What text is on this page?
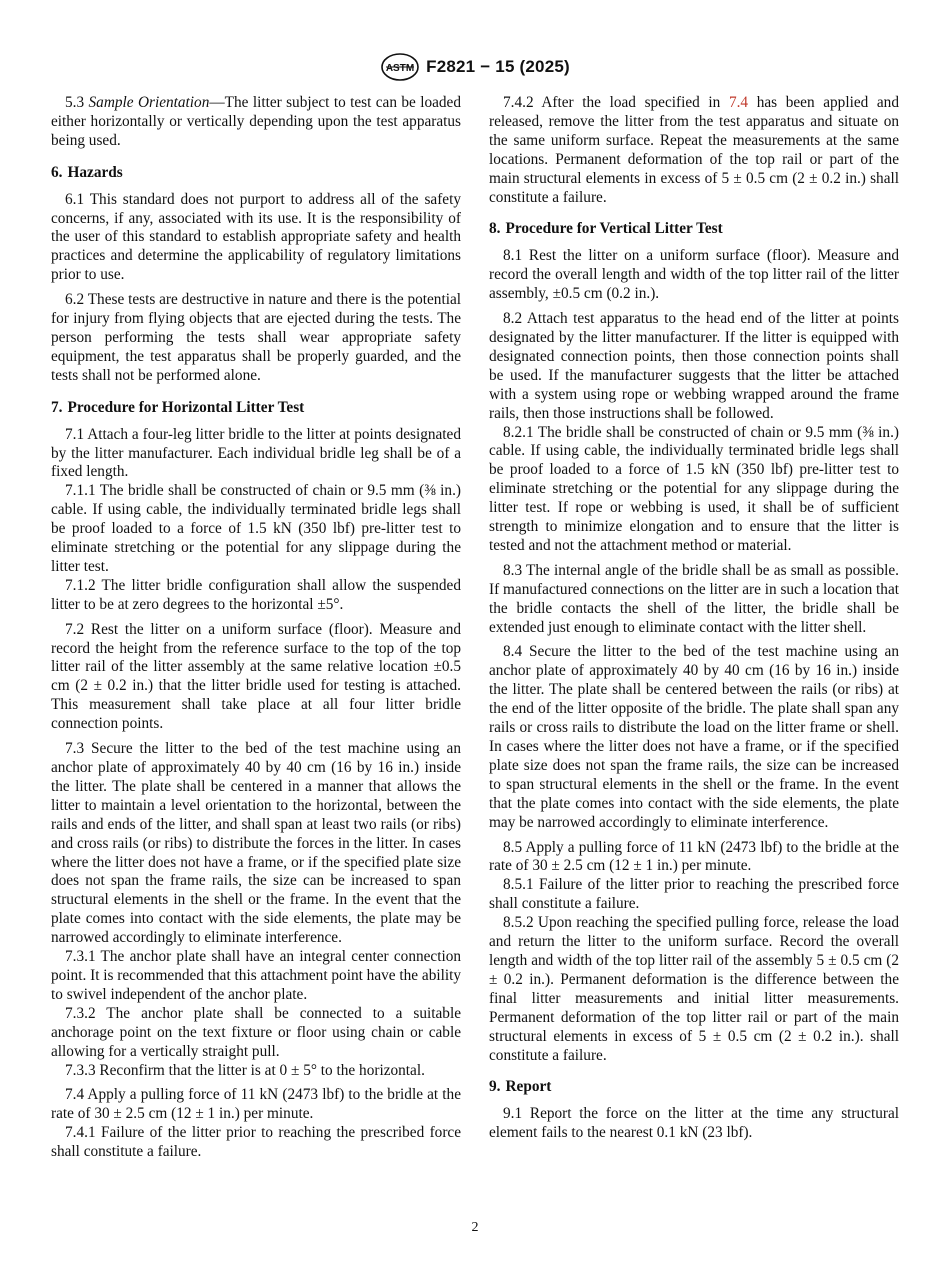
ASTM F2821 − 15 (2025)

5.3 Sample Orientation—The litter subject to test can be loaded either horizontally or vertically depending upon the test apparatus being used.

6. Hazards

6.1 This standard does not purport to address all of the safety concerns, if any, associated with its use. It is the responsibility of the user of this standard to establish appropriate safety and health practices and determine the applicability of regulatory limitations prior to use.

6.2 These tests are destructive in nature and there is the potential for injury from flying objects that are ejected during the tests. The person performing the tests shall wear appropriate safety equipment, the test apparatus shall be properly guarded, and the tests shall not be performed alone.

7. Procedure for Horizontal Litter Test

7.1 Attach a four-leg litter bridle to the litter at points designated by the litter manufacturer. Each individual bridle leg shall be of a fixed length.

7.1.1 The bridle shall be constructed of chain or 9.5 mm (⅜ in.) cable. If using cable, the individually terminated bridle legs shall be proof loaded to a force of 1.5 kN (350 lbf) pre-litter test to eliminate stretching or the potential for any slippage during the litter test.

7.1.2 The litter bridle configuration shall allow the suspended litter to be at zero degrees to the horizontal ±5°.

7.2 Rest the litter on a uniform surface (floor). Measure and record the height from the reference surface to the top of the top litter rail of the litter assembly at the same relative location ±0.5 cm (2 ± 0.2 in.) that the litter bridle used for testing is attached. This measurement shall take place at all four litter bridle connection points.

7.3 Secure the litter to the bed of the test machine using an anchor plate of approximately 40 by 40 cm (16 by 16 in.) inside the litter. The plate shall be centered in a manner that allows the litter to maintain a level orientation to the horizontal, between the rails and ends of the litter, and shall span at least two rails (or ribs) and cross rails (or ribs) to distribute the forces in the litter. In cases where the litter does not have a frame, or if the specified plate size does not span the frame rails, the size can be increased to span structural elements in the shell or the frame. In the event that the plate comes into contact with the side elements, the plate may be narrowed accordingly to eliminate interference.

7.3.1 The anchor plate shall have an integral center connection point. It is recommended that this attachment point have the ability to swivel independent of the anchor plate.

7.3.2 The anchor plate shall be connected to a suitable anchorage point on the text fixture or floor using chain or cable allowing for a vertically straight pull.

7.3.3 Reconfirm that the litter is at 0 ± 5° to the horizontal.

7.4 Apply a pulling force of 11 kN (2473 lbf) to the bridle at the rate of 30 ± 2.5 cm (12 ± 1 in.) per minute.

7.4.1 Failure of the litter prior to reaching the prescribed force shall constitute a failure.

7.4.2 After the load specified in 7.4 has been applied and released, remove the litter from the test apparatus and situate on the same uniform surface. Repeat the measurements at the same locations. Permanent deformation of the top rail or part of the main structural elements in excess of 5 ± 0.5 cm (2 ± 0.2 in.) shall constitute a failure.

8. Procedure for Vertical Litter Test

8.1 Rest the litter on a uniform surface (floor). Measure and record the overall length and width of the top litter rail of the litter assembly, ±0.5 cm (0.2 in.).

8.2 Attach test apparatus to the head end of the litter at points designated by the litter manufacturer. If the litter is equipped with designated connection points, then those connection points shall be used. If the manufacturer suggests that the litter be attached with a system using rope or webbing wrapped around the frame rails, then those instructions shall be followed.

8.2.1 The bridle shall be constructed of chain or 9.5 mm (⅜ in.) cable. If using cable, the individually terminated bridle legs shall be proof loaded to a force of 1.5 kN (350 lbf) pre-litter test to eliminate stretching or the potential for any slippage during the litter test. If rope or webbing is used, it shall be of sufficient strength to minimize elongation and to ensure that the litter is tested and not the attachment method or material.

8.3 The internal angle of the bridle shall be as small as possible. If manufactured connections on the litter are in such a location that the bridle contacts the shell of the litter, the bridle shall be extended just enough to eliminate contact with the litter shell.

8.4 Secure the litter to the bed of the test machine using an anchor plate of approximately 40 by 40 cm (16 by 16 in.) inside the litter. The plate shall be centered between the rails (or ribs) at the end of the litter opposite of the bridle. The plate shall span any rails or cross rails to distribute the load on the litter frame or shell. In cases where the litter does not have a frame, or if the specified plate size does not span the frame rails, the size can be increased to span structural elements in the shell or the frame. In the event that the plate comes into contact with the side elements, the plate may be narrowed accordingly to eliminate interference.

8.5 Apply a pulling force of 11 kN (2473 lbf) to the bridle at the rate of 30 ± 2.5 cm (12 ± 1 in.) per minute.

8.5.1 Failure of the litter prior to reaching the prescribed force shall constitute a failure.

8.5.2 Upon reaching the specified pulling force, release the load and return the litter to the uniform surface. Record the overall length and width of the top litter rail of the assembly 5 ± 0.5 cm (2 ± 0.2 in.). Permanent deformation is the difference between the final litter measurements and initial litter measurements. Permanent deformation of the top litter rail or part of the main structural elements in excess of 5 ± 0.5 cm (2 ± 0.2 in.). shall constitute a failure.

9. Report

9.1 Report the force on the litter at the time any structural element fails to the nearest 0.1 kN (23 lbf).

2
